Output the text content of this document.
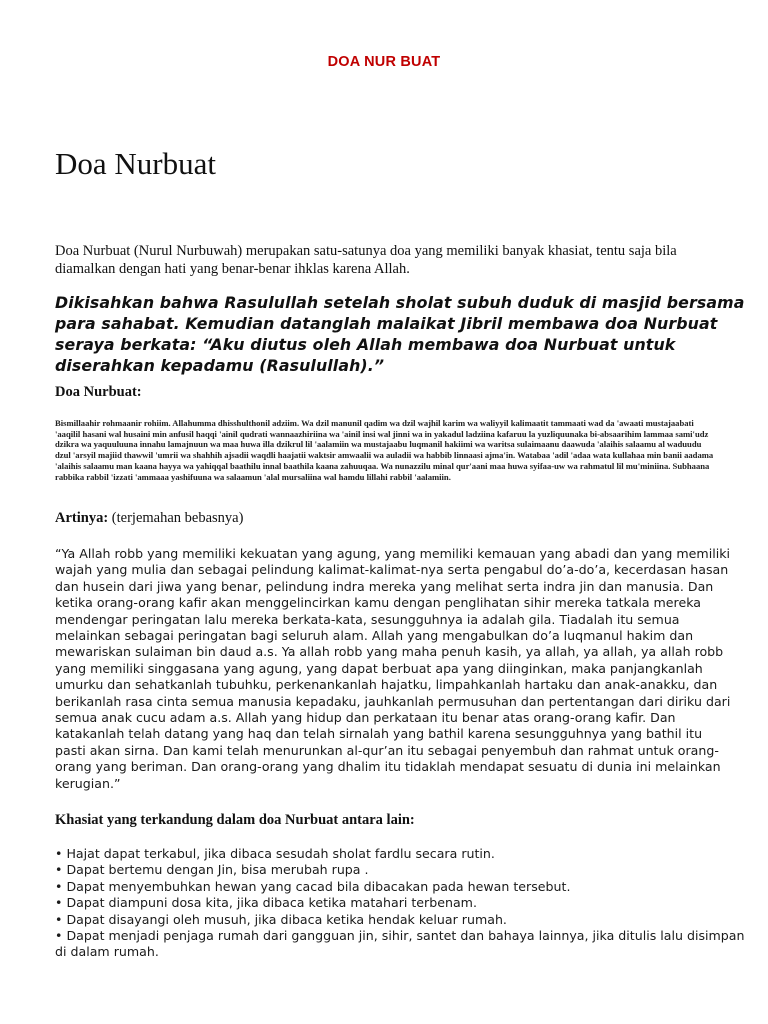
DOA NUR BUAT
Doa Nurbuat

Doa Nurbuat (Nurul Nurbuwah) merupakan satu-satunya doa yang memiliki banyak khasiat, tentu saja bila diamalkan dengan hati yang benar-benar ihklas karena Allah.

Dikisahkan bahwa Rasulullah setelah sholat subuh duduk di masjid bersama para sahabat. Kemudian datanglah malaikat Jibril membawa doa Nurbuat seraya berkata: “Aku diutus oleh Allah membawa doa Nurbuat untuk diserahkan kepadamu (Rasulullah).”

Doa Nurbuat:

Bismillaahir rohmaanir rohiim. Allahumma dhisshulthonil adziim. Wa dzil manunil qadim wa dzil wajhil karim wa waliyyil kalimaatit tammaati wad da 'awaati mustajaabati 'aaqilil hasani wal husaini min anfusil haqqi 'ainil qudrati wannaazhiriina wa 'ainil insi wal jinni wa in yakadul ladziina kafaruu la yuzliquunaka bi-absaarihim lammaa sami'udz dzikra wa yaquuluuna innahu lamajnuun wa maa huwa illa dzikrul lil 'aalamiin wa mustajaabu luqmanil hakiimi wa waritsa sulaimaanu daawuda 'alaihis salaamu al waduudu dzul 'arsyil majiid thawwil 'umrii wa shahhih ajsadii waqdli haajatii waktsir amwaalii wa auladii wa habbib linnaasi ajma'in. Watabaa 'adil 'adaa wata kullahaa min banii aadama 'alaihis salaamu man kaana hayya wa yahiqqal baathilu innal baathila kaana zahuuqaa. Wa nunazzilu minal qur'aani maa huwa syifaa-uw wa rahmatul lil mu'miniina. Subhaana rabbika rabbil 'izzati 'ammaaa yashifuuna wa salaamun 'alal mursaliina wal hamdu lillahi rabbil 'aalamiin.

Artinya: (terjemahan bebasnya)

“Ya Allah robb yang memiliki kekuatan yang agung, yang memiliki kemauan yang abadi dan yang memiliki wajah yang mulia dan sebagai pelindung kalimat-kalimat-nya serta pengabul do’a-do’a, kecerdasan hasan dan husein dari jiwa yang benar, pelindung indra mereka yang melihat serta indra jin dan manusia. Dan ketika orang-orang kafir akan menggelincirkan kamu dengan penglihatan sihir mereka tatkala mereka mendengar peringatan lalu mereka berkata-kata, sesungguhnya ia adalah gila. Tiadalah itu semua melainkan sebagai peringatan bagi seluruh alam. Allah yang mengabulkan do’a luqmanul hakim dan mewariskan sulaiman bin daud a.s. Ya allah robb yang maha penuh kasih, ya allah, ya allah, ya allah robb yang memiliki singgasana yang agung, yang dapat berbuat apa yang diinginkan, maka panjangkanlah umurku dan sehatkanlah tubuhku, perkenankanlah hajatku, limpahkanlah hartaku dan anak-anakku, dan berikanlah rasa cinta semua manusia kepadaku, jauhkanlah permusuhan dan pertentangan dari diriku dari semua anak cucu adam a.s. Allah yang hidup dan perkataan itu benar atas orang-orang kafir. Dan katakanlah telah datang yang haq dan telah sirnalah yang bathil karena sesungguhnya yang bathil itu pasti akan sirna. Dan kami telah menurunkan al-qur’an itu sebagai penyembuh dan rahmat untuk orang-orang yang beriman. Dan orang-orang yang dhalim itu tidaklah mendapat sesuatu di dunia ini melainkan kerugian.”

Khasiat yang terkandung dalam doa Nurbuat antara lain:

• Hajat dapat terkabul, jika dibaca sesudah sholat fardlu secara rutin.
• Dapat bertemu dengan Jin, bisa merubah rupa .
• Dapat menyembuhkan hewan yang cacad bila dibacakan pada hewan tersebut.
• Dapat diampuni dosa kita, jika dibaca ketika matahari terbenam.
• Dapat disayangi oleh musuh, jika dibaca ketika hendak keluar rumah.
• Dapat menjadi penjaga rumah dari gangguan jin, sihir, santet dan bahaya lainnya, jika ditulis lalu disimpan di dalam rumah.
